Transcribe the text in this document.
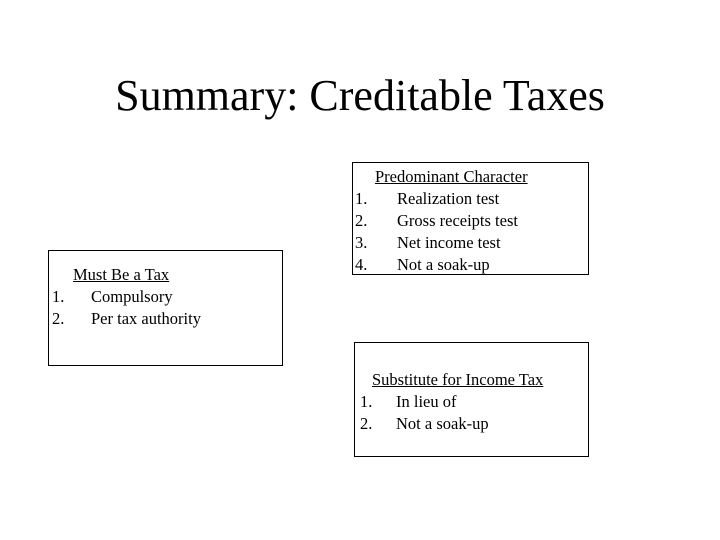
Summary: Creditable Taxes
Must Be a Tax
1.	Compulsory
2.	Per tax authority
Predominant Character
1.	Realization test
2.	Gross receipts test
3.	Net income test
4.	Not a soak-up
Substitute for Income Tax
1.	In lieu of
2.	Not a soak-up
